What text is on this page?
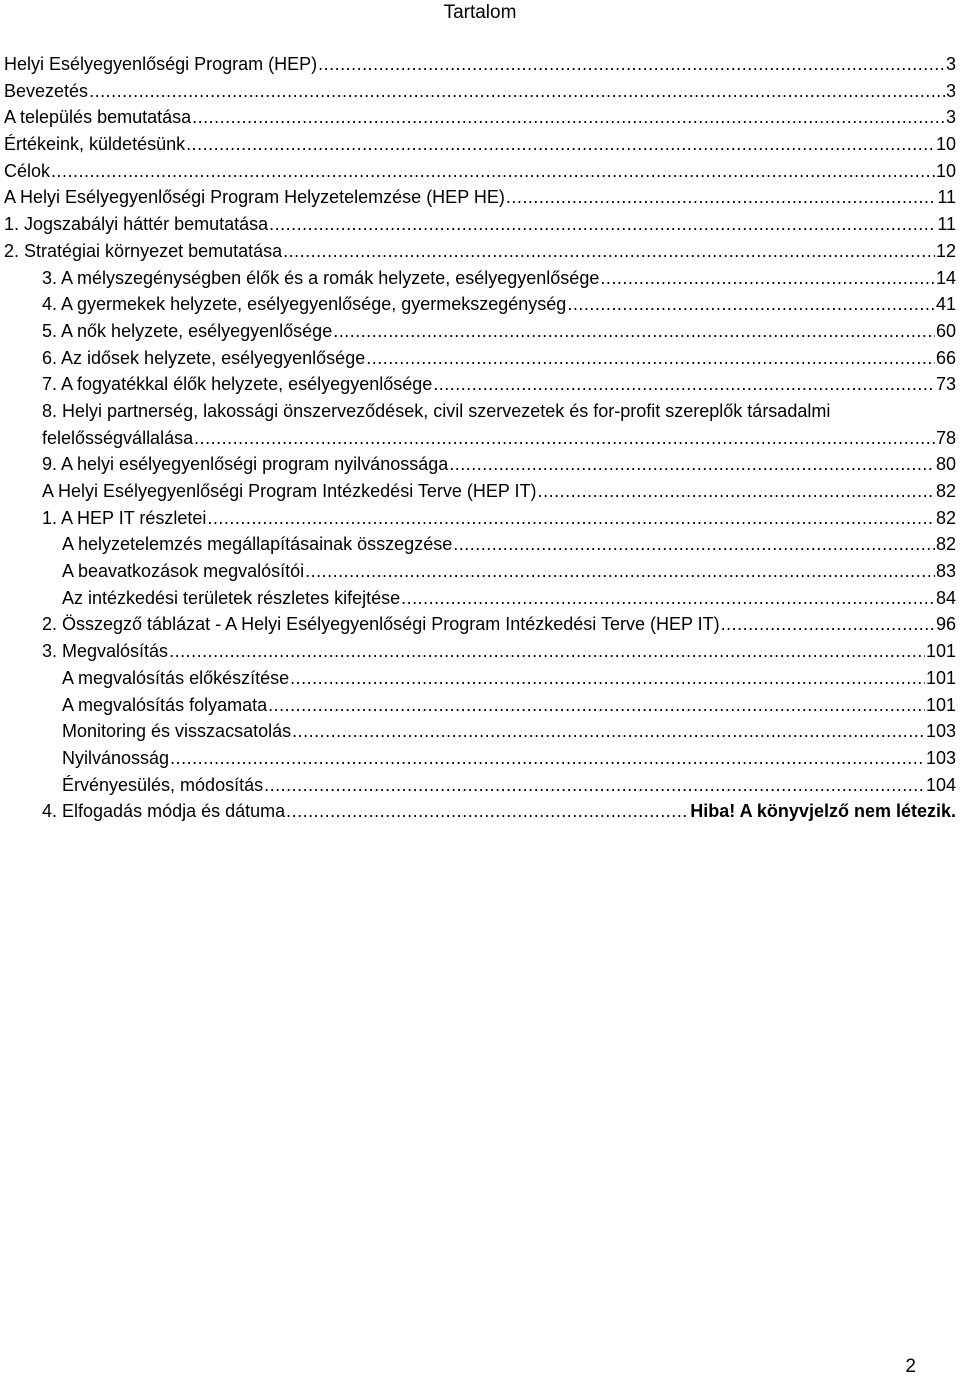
Tartalom
Helyi Esélyegyenlőségi Program (HEP) .....	3
Bevezetés .....	3
A település bemutatása .....	3
Értékeink, küldetésünk .....	10
Célok .....	10
A Helyi Esélyegyenlőségi Program Helyzetelemzése (HEP HE) .....	11
1. Jogszabályi háttér bemutatása .....	11
2. Stratégiai környezet bemutatása .....	12
3. A mélyszegénységben élők és a romák helyzete, esélyegyenlősége .....	14
4. A gyermekek helyzete, esélyegyenlősége, gyermekszegénység .....	41
5. A nők helyzete, esélyegyenlősége .....	60
6. Az idősek helyzete, esélyegyenlősége .....	66
7. A fogyatékkal élők helyzete, esélyegyenlősége .....	73
8. Helyi partnerség, lakossági önszerveződések, civil szervezetek és for-profit szereplők társadalmi
felelősségvállalása .....	78
9. A helyi esélyegyenlőségi program nyilvánossága .....	80
A Helyi Esélyegyenlőségi Program Intézkedési Terve (HEP IT) .....	82
1. A HEP IT részletei .....	82
A helyzetelemzés megállapításainak összegzése .....	82
A beavatkozások megvalósítói .....	83
Az intézkedési területek részletes kifejtése .....	84
2. Összegző táblázat - A Helyi Esélyegyenlőségi Program Intézkedési Terve (HEP IT) .....	96
3. Megvalósítás .....	101
A megvalósítás előkészítése .....	101
A megvalósítás folyamata .....	101
Monitoring és visszacsatolás .....	103
Nyilvánosság .....	103
Érvényesülés, módosítás .....	104
4. Elfogadás módja és dátuma .....	Hiba! A könyvjelző nem létezik.
2
